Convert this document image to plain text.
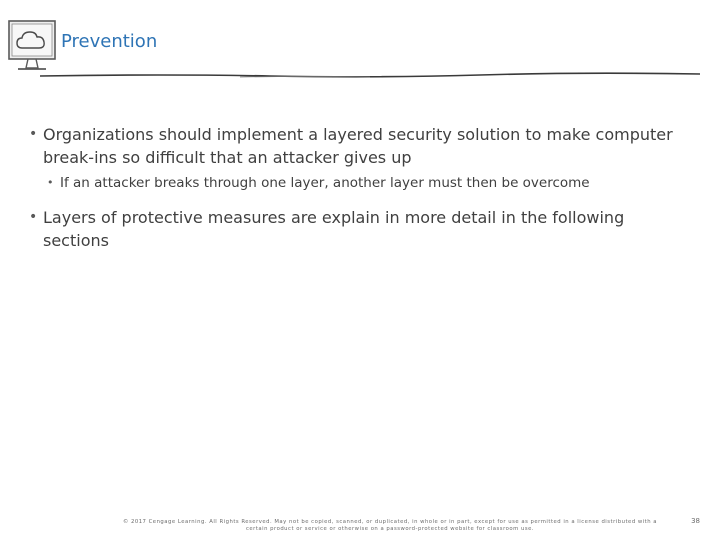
Prevention
• Organizations should implement a layered security solution to make computer break-ins so difficult that an attacker gives up
• If an attacker breaks through one layer, another layer must then be overcome
• Layers of protective measures are explain in more detail in the following sections
© 2017 Cengage Learning. All Rights Reserved. May not be copied, scanned, or duplicated, in whole or in part, except for use as permitted in a license distributed with a certain product or service or otherwise on a password-protected website for classroom use.
38
